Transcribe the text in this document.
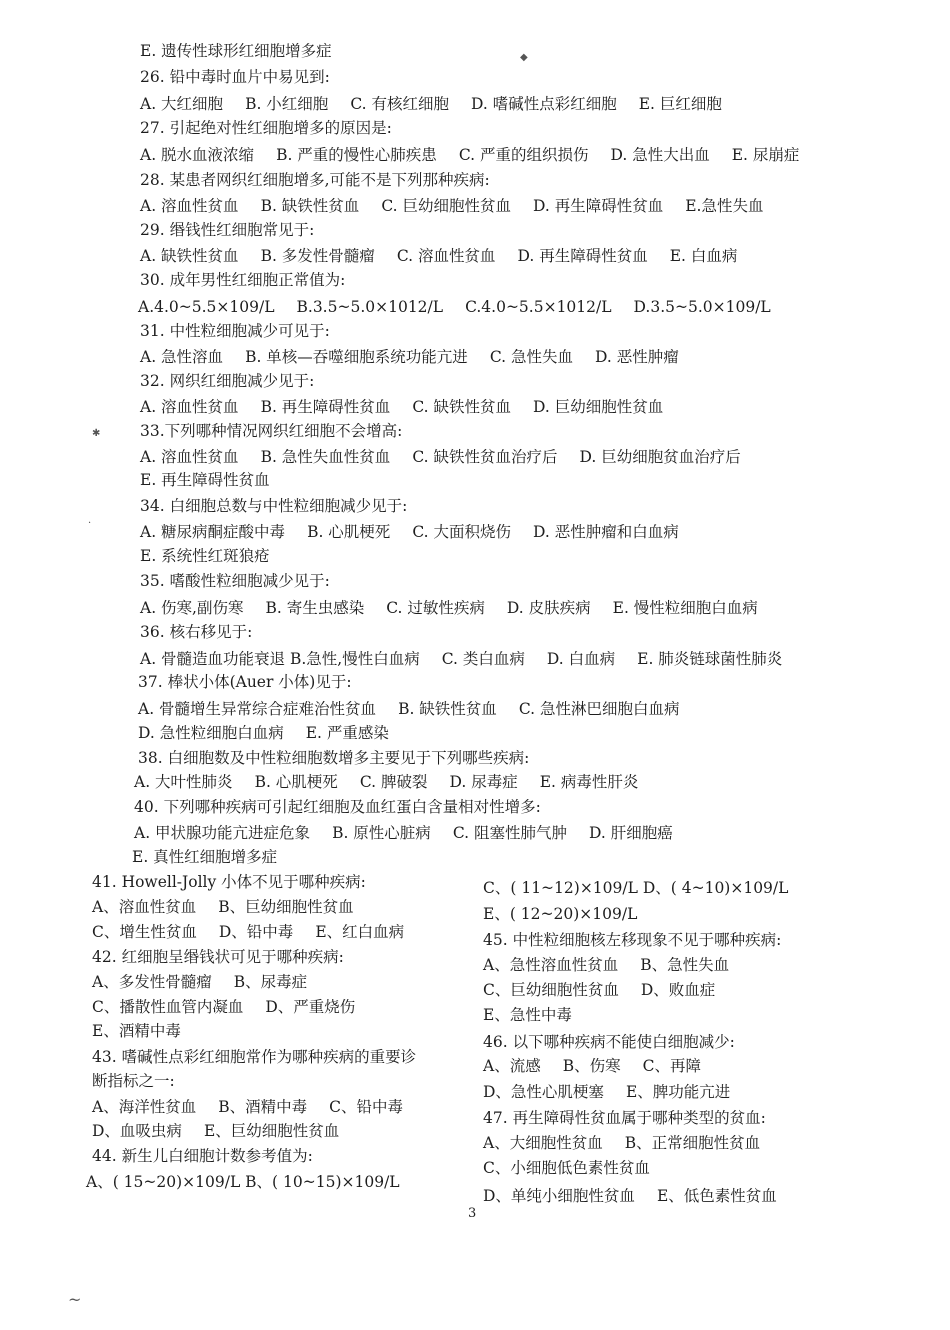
E. 遗传性球形红细胞增多症
26. 铅中毒时血片中易见到:
A. 大红细胞 B. 小红细胞 C. 有核红细胞 D. 嗜碱性点彩红细胞 E. 巨红细胞
27. 引起绝对性红细胞增多的原因是:
A. 脱水血液浓缩 B. 严重的慢性心肺疾患 C. 严重的组织损伤 D. 急性大出血 E. 尿崩症
28. 某患者网织红细胞增多,可能不是下列那种疾病:
A. 溶血性贫血 B. 缺铁性贫血 C. 巨幼细胞性贫血 D. 再生障碍性贫血 E.急性失血
29. 缗钱性红细胞常见于:
A. 缺铁性贫血 B. 多发性骨髓瘤 C. 溶血性贫血 D. 再生障碍性贫血 E. 白血病
30. 成年男性红细胞正常值为:
A.4.0~5.5×109/L B.3.5~5.0×1012/L C.4.0~5.5×1012/L D.3.5~5.0×109/L
31. 中性粒细胞减少可见于:
A. 急性溶血 B. 单核—吞噬细胞系统功能亢进 C. 急性失血 D. 恶性肿瘤
32. 网织红细胞减少见于:
A. 溶血性贫血 B. 再生障碍性贫血 C. 缺铁性贫血 D. 巨幼细胞性贫血
33.下列哪种情况网织红细胞不会增高:
A. 溶血性贫血 B. 急性失血性贫血 C. 缺铁性贫血治疗后 D. 巨幼细胞贫血治疗后
E. 再生障碍性贫血
34. 白细胞总数与中性粒细胞减少见于:
A. 糖尿病酮症酸中毒 B. 心肌梗死 C. 大面积烧伤 D. 恶性肿瘤和白血病
E. 系统性红斑狼疮
35. 嗜酸性粒细胞减少见于:
A. 伤寒,副伤寒 B. 寄生虫感染 C. 过敏性疾病 D. 皮肤疾病 E. 慢性粒细胞白血病
36. 核右移见于:
A. 骨髓造血功能衰退 B.急性,慢性白血病 C. 类白血病 D. 白血病 E. 肺炎链球菌性肺炎
37. 棒状小体(Auer 小体)见于:
A. 骨髓增生异常综合症难治性贫血 B. 缺铁性贫血 C. 急性淋巴细胞白血病
D. 急性粒细胞白血病 E. 严重感染
38. 白细胞数及中性粒细胞数增多主要见于下列哪些疾病:
A. 大叶性肺炎 B. 心肌梗死 C. 脾破裂 D. 尿毒症 E. 病毒性肝炎
40. 下列哪种疾病可引起红细胞及血红蛋白含量相对性增多:
A. 甲状腺功能亢进症危象 B. 原性心脏病 C. 阻塞性肺气肿 D. 肝细胞癌
E. 真性红细胞增多症
41. Howell-Jolly 小体不见于哪种疾病:
A、溶血性贫血 B、巨幼细胞性贫血
C、增生性贫血 D、铅中毒 E、红白血病
42. 红细胞呈缗钱状可见于哪种疾病:
A、多发性骨髓瘤 B、尿毒症
C、播散性血管内凝血 D、严重烧伤
E、酒精中毒
43. 嗜碱性点彩红细胞常作为哪种疾病的重要诊
断指标之一:
A、海洋性贫血 B、酒精中毒 C、铅中毒
D、血吸虫病 E、巨幼细胞性贫血
44. 新生儿白细胞计数参考值为:
A、( 15~20)×109/L B、( 10~15)×109/L
C、( 11~12)×109/L D、( 4~10)×109/L
E、( 12~20)×109/L
45. 中性粒细胞核左移现象不见于哪种疾病:
A、急性溶血性贫血 B、急性失血
C、巨幼细胞性贫血 D、败血症
E、急性中毒
46. 以下哪种疾病不能使白细胞减少:
A、流感 B、伤寒 C、再障
D、急性心肌梗塞 E、脾功能亢进
47. 再生障碍性贫血属于哪种类型的贫血:
A、大细胞性贫血 B、正常细胞性贫血
C、小细胞低色素性贫血
D、单纯小细胞性贫血 E、低色素性贫血
3
◆
✱
·
~
